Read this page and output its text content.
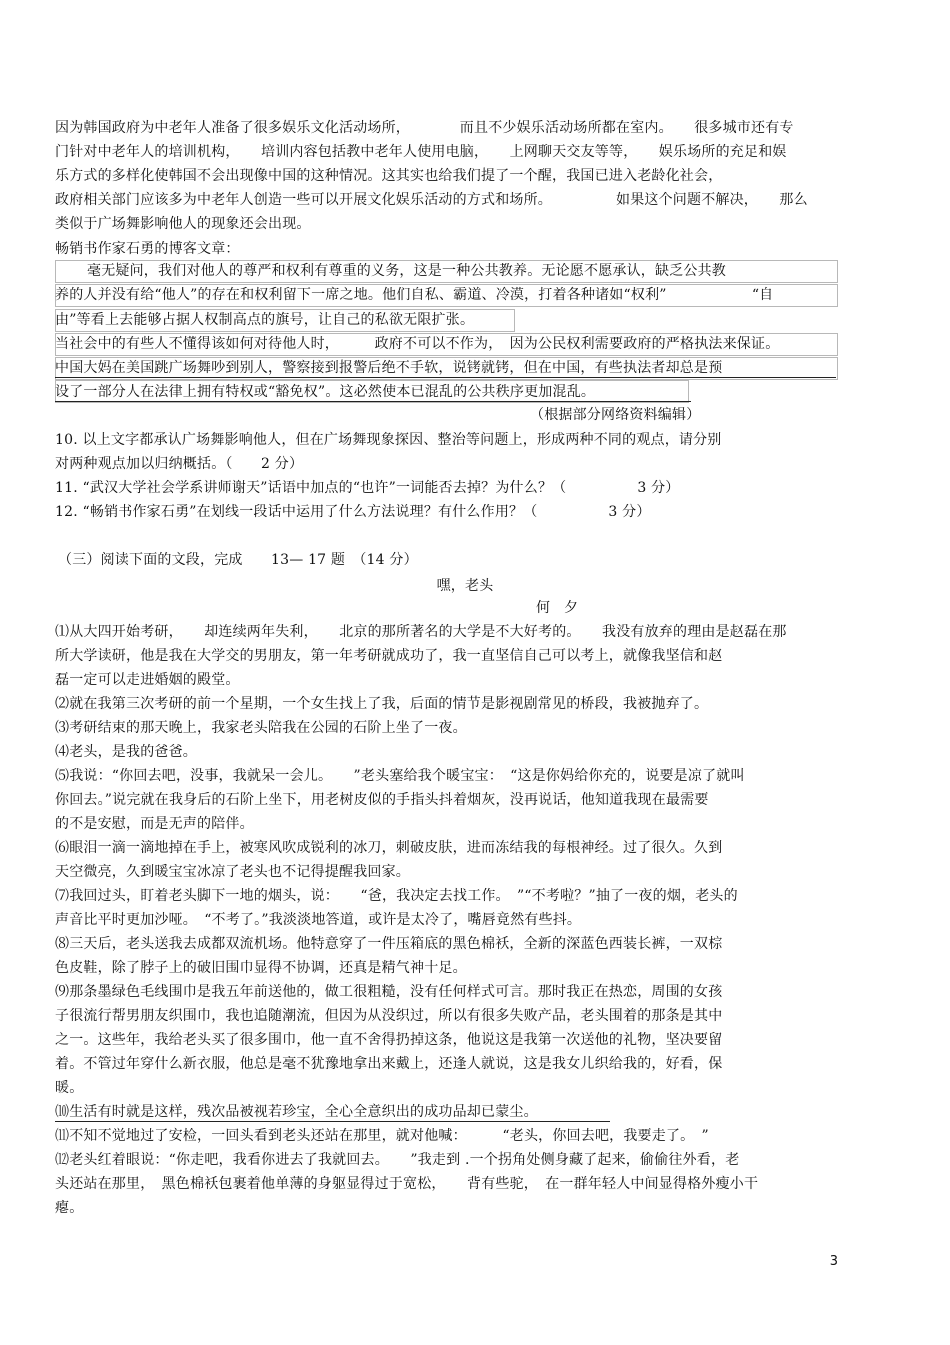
因为韩国政府为中老年人准备了很多娱乐文化活动场所，　　　　而且不少娱乐活动场所都在室内。　　很多城市还有专
门针对中老年人的培训机构，　　培训内容包括教中老年人使用电脑，　　上网聊天交友等等，　　娱乐场所的充足和娱
乐方式的多样化使韩国不会出现像中国的这种情况。这其实也给我们提了一个醒，我国已进入老龄化社会，
政府相关部门应该多为中老年人创造一些可以开展文化娱乐活动的方式和场所。　　　　　如果这个问题不解决，　　那么
类似于广场舞影响他人的现象还会出现。
畅销书作家石勇的博客文章：
毫无疑问，我们对他人的尊严和权利有尊重的义务，这是一种公共教养。无论愿不愿承认，缺乏公共教
养的人并没有给“他人”的存在和权利留下一席之地。他们自私、霸道、冷漠，打着各种诸如“权利”　　　　　　“自
由”等看上去能够占据人权制高点的旗号，让自己的私欲无限扩张。
当社会中的有些人不懂得该如何对待他人时，　　　政府不可以不作为，　因为公民权利需要政府的严格执法来保证。
中国大妈在美国跳广场舞吵到别人，警察接到报警后绝不手软，说铐就铐，但在中国，有些执法者却总是预
设了一部分人在法律上拥有特权或“豁免权”。这必然使本已混乱的公共秩序更加混乱。
（根据部分网络资料编辑）
10. 以上文字都承认广场舞影响他人，但在广场舞现象探因、整治等问题上，形成两种不同的观点，请分别
对两种观点加以归纳概括。（　　2 分）
11. “武汉大学社会学系讲师谢天”话语中加点的“也许”一词能否去掉？为什么？（　　　　　3 分）
12. “畅销书作家石勇”在划线一段话中运用了什么方法说理？有什么作用？（　　　　　3 分）
（三）阅读下面的文段，完成　　13— 17 题　（14 分）
嘿，老头
何夕
⑴从大四开始考研，　　却连续两年失利，　　北京的那所著名的大学是不大好考的。　　我没有放弃的理由是赵磊在那
所大学读研，他是我在大学交的男朋友，第一年考研就成功了，我一直坚信自己可以考上，就像我坚信和赵
磊一定可以走进婚姻的殿堂。
⑵就在我第三次考研的前一个星期，一个女生找上了我，后面的情节是影视剧常见的桥段，我被抛弃了。
⑶考研结束的那天晚上，我家老头陪我在公园的石阶上坐了一夜。
⑷老头，是我的爸爸。
⑸我说：“你回去吧，没事，我就呆一会儿。　　”老头塞给我个暖宝宝：　“这是你妈给你充的，说要是凉了就叫
你回去。”说完就在我身后的石阶上坐下，用老树皮似的手指头抖着烟灰，没再说话，他知道我现在最需要
的不是安慰，而是无声的陪伴。
⑹眼泪一滴一滴地掉在手上，被寒风吹成锐利的冰刀，刺破皮肤，进而冻结我的每根神经。过了很久。久到
天空微亮，久到暖宝宝冰凉了老头也不记得提醒我回家。
⑺我回过头，盯着老头脚下一地的烟头，说：　　“爸，我决定去找工作。　”“不考啦？”抽了一夜的烟，老头的
声音比平时更加沙哑。　“不考了。”我淡淡地答道，或许是太冷了，嘴唇竟然有些抖。
⑻三天后，老头送我去成都双流机场。他特意穿了一件压箱底的黑色棉袄，全新的深蓝色西装长裤，一双棕
色皮鞋，除了脖子上的破旧围巾显得不协调，还真是精气神十足。
⑼那条墨绿色毛线围巾是我五年前送他的，做工很粗糙，没有任何样式可言。那时我正在热恋，周围的女孩
子很流行帮男朋友织围巾，我也追随潮流，但因为从没织过，所以有很多失败产品，老头围着的那条是其中
之一。这些年，我给老头买了很多围巾，他一直不舍得扔掉这条，他说这是我第一次送他的礼物，坚决要留
着。不管过年穿什么新衣服，他总是毫不犹豫地拿出来戴上，还逢人就说，这是我女儿织给我的，好看，保
暖。
⑽生活有时就是这样，残次品被视若珍宝，全心全意织出的成功品却已蒙尘。
⑾不知不觉地过了安检，一回头看到老头还站在那里，就对他喊：　　　“老头，你回去吧，我要走了。　”
⑿老头红着眼说：“你走吧，我看你进去了我就回去。　　”我走到 .一个拐角处侧身藏了起来，偷偷往外看，老
头还站在那里，　黑色棉袄包裹着他单薄的身躯显得过于宽松，　　背有些驼，　在一群年轻人中间显得格外瘦小干
瘪。
3
